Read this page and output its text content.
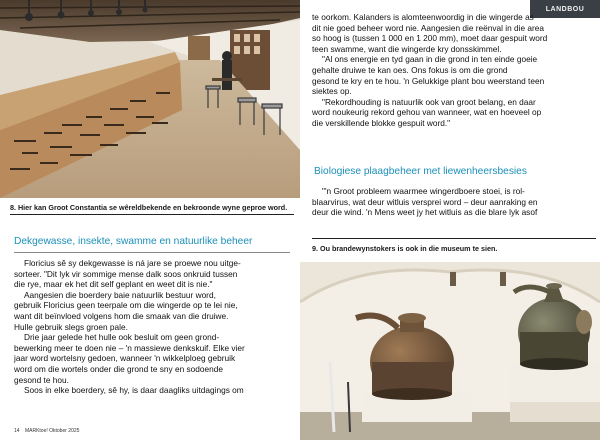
8. Hier kan Groot Constantia se wêreldbekende en bekroonde wyne geproe word.
Dekgewasse, insekte, swamme en natuurlike beheer

Floricius sê sy dekgewasse is ná jare se proewe nou uitge-

sorteer. "Dit lyk vir sommige mense dalk soos onkruid tussen

die rye, maar ek het dit self geplant en weet dit is nie."

Aangesien die boerdery baie natuurlik bestuur word,

gebruik Floricius geen teerpale om die wingerde op te lei nie,

want dit beïnvloed volgens hom die smaak van die druiwe.

Hulle gebruik slegs groen pale.

Drie jaar gelede het hulle ook besluit om geen grond-

bewerking meer te doen nie – 'n massiewe denkskuif. Elke vier

jaar word wortelsny gedoen, wanneer 'n wikkelploeg gebruik

word om die wortels onder die grond te sny en sodoende

gesond te hou.

Soos in elke boerdery, sê hy, is daar daagliks uitdagings om

14 MARKtoe! Oktober 2025
LANDBOU

te oorkom. Kalanders is alomteenwoordig in die wingerde as

dit nie goed beheer word nie. Aangesien die reënval in die area

so hoog is (tussen 1 000 en 1 200 mm), moet daar gespuit word

teen swamme, want die wingerde kry donsskimmel.

"Al ons energie en tyd gaan in die grond in ten einde goeie

gehalte druiwe te kan oes. Ons fokus is om die grond

gesond te kry en te hou. 'n Gelukkige plant bou weerstand teen

siektes op.

"Rekordhouding is natuurlik ook van groot belang, en daar

word noukeurig rekord gehou van wanneer, wat en hoeveel op

die verskillende blokke gespuit word."

Biologiese plaagbeheer met liewenheersbesies

"'n Groot probleem waarmee wingerdboere stoei, is rol-

blaarvirus, wat deur witluis versprei word – deur aanraking en

deur die wind. 'n Mens weet jy het witluis as die blare lyk asof

9. Ou brandewynstokers is ook in die museum te sien.
